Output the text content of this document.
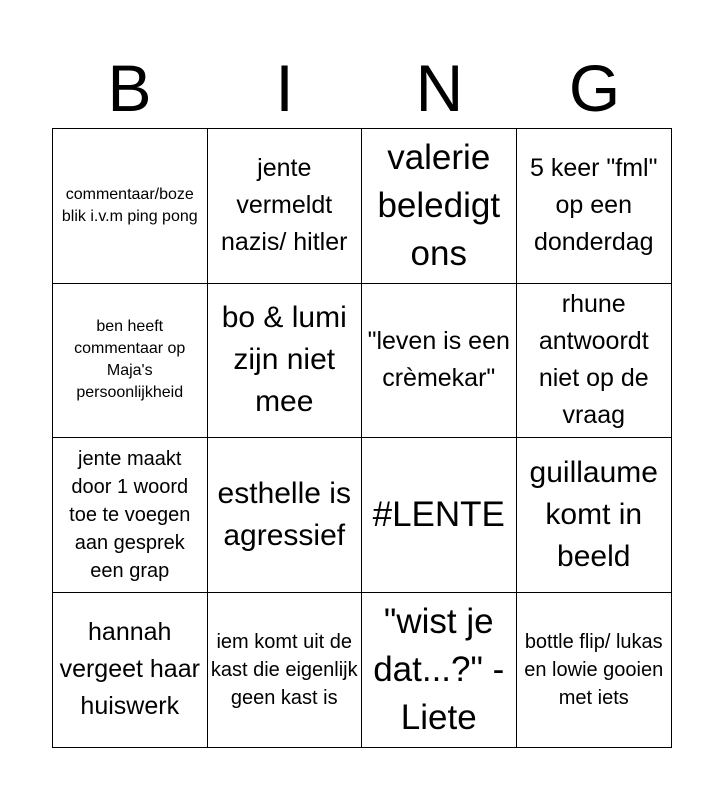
B	I	N	G
commentaar/boze blik i.v.m ping pong
jente vermeldt nazis/ hitler
valerie beledigt ons
5 keer "fml" op een donderdag
ben heeft commentaar op Maja's persoonlijkheid
bo & lumi zijn niet mee
"leven is een crèmekar"
rhune antwoordt niet op de vraag
jente maakt door 1 woord toe te voegen aan gesprek een grap
esthelle is agressief
#LENTE
guillaume komt in beeld
hannah vergeet haar huiswerk
iem komt uit de kast die eigenlijk geen kast is
"wist je dat...?" -Liete
bottle flip/ lukas en lowie gooien met iets
